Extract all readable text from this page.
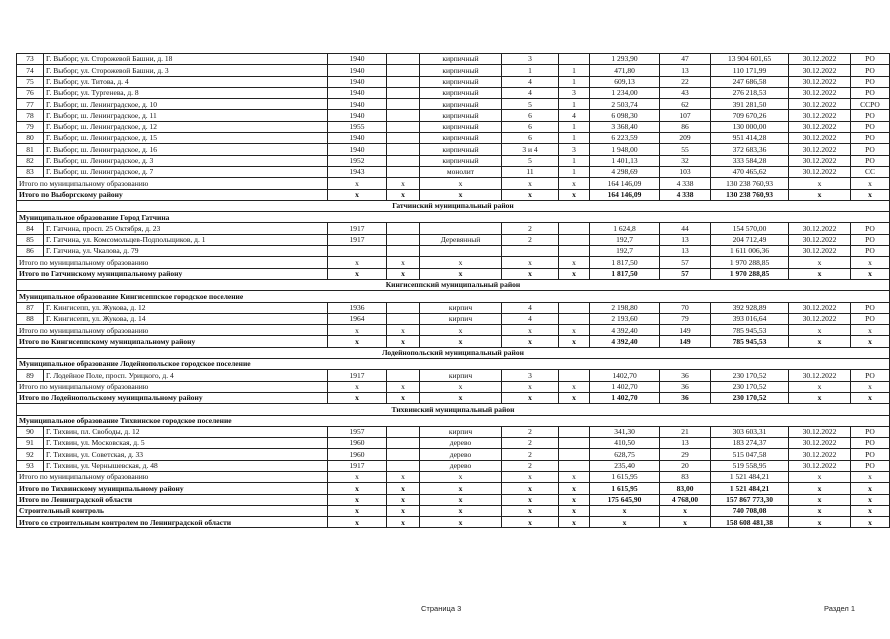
73	Г. Выборг, ул. Сторожевой Башни, д. 18	1940		кирпичный	3		1 293,90	47	13 904 601,65	30.12.2022	РО
74	Г. Выборг, ул. Сторожевой Башни, д. 3	1940		кирпичный	1	1	471,80	13	110 171,99	30.12.2022	РО
75	Г. Выборг, ул. Титова, д. 4	1940		кирпичный	4	1	609,13	22	247 686,58	30.12.2022	РО
76	Г. Выборг, ул. Тургенева, д. 8	1940		кирпичный	4	3	1 234,00	43	276 218,53	30.12.2022	РО
77	Г. Выборг, ш. Ленинградское, д. 10	1940		кирпичный	5	1	2 503,74	62	391 281,50	30.12.2022	ССРО
78	Г. Выборг, ш. Ленинградское, д. 11	1940		кирпичный	6	4	6 098,30	107	709 670,26	30.12.2022	РО
79	Г. Выборг, ш. Ленинградское, д. 12	1955		кирпичный	6	1	3 368,40	86	130 000,00	30.12.2022	РО
80	Г. Выборг, ш. Ленинградское, д. 15	1940		кирпичный	6	1	6 223,59	209	951 414,28	30.12.2022	РО
81	Г. Выборг, ш. Ленинградское, д. 16	1940		кирпичный	3 и 4	3	1 948,00	55	372 683,36	30.12.2022	РО
82	Г. Выборг, ш. Ленинградское, д. 3	1952		кирпичный	5	1	1 401,13	32	333 584,28	30.12.2022	РО
83	Г. Выборг, ш. Ленинградское, д. 7	1943		монолит	11	1	4 298,69	103	470 465,62	30.12.2022	СС
Итого по муниципальному образованию		x	x	x	x	x	164 146,09	4 338	130 238 760,93	x	x
Итого по Выборгскому району		x	x	x	x	x	164 146,09	4 338	130 238 760,93	x	x
Гатчинский муниципальный район											
Муниципальное образование Город Гатчина											
84	Г. Гатчина, просп. 25 Октября, д. 23	1917			2		1 624,8	44	154 570,00	30.12.2022	РО
85	Г. Гатчина, ул. Комсомольцев-Подпольщиков, д. 1	1917		Деревянный	2		192,7	13	204 712,49	30.12.2022	РО
86	Г. Гатчина, ул. Чкалова, д. 79						192,7	13	1 611 006,36	30.12.2022	РО
Итого по муниципальному образованию		x	x	x	x	x	1 817,50	57	1 970 288,85	x	x
Итого по Гатчинскому муниципальному району		x	x	x	x	x	1 817,50	57	1 970 288,85	x	x
Кингисеппский муниципальный район											
Муниципальное образование Кингисеппское городское поселение											
87	Г. Кингисепп, ул. Жукова, д. 12	1936		кирпич	4		2 198,80	70	392 928,89	30.12.2022	РО
88	Г. Кингисепп, ул. Жукова, д. 14	1964		кирпич	4		2 193,60	79	393 016,64	30.12.2022	РО
Итого по муниципальному образованию		x	x	x	x	x	4 392,40	149	785 945,53	x	x
Итого по Кингисеппскому муниципальному району		x	x	x	x	x	4 392,40	149	785 945,53	x	x
Лодейнопольский муниципальный район											
Муниципальное образование Лодейнопольское городское поселение											
89	Г. Лодейное Поле, просп. Урицкого, д. 4	1917		кирпич	3		1402,70	36	230 170,52	30.12.2022	РО
Итого по муниципальному образованию		x	x	x	x	x	1 402,70	36	230 170,52	x	x
Итого по Лодейнопольскому муниципальному району		x	x	x	x	x	1 402,70	36	230 170,52	x	x
Тихвинский муниципальный район											
Муниципальное образование Тихвинское городское поселение											
90	Г. Тихвин, пл. Свободы, д. 12	1957		кирпич	2		341,30	21	303 603,31	30.12.2022	РО
91	Г. Тихвин, ул. Московская, д. 5	1960		дерево	2		410,50	13	183 274,37	30.12.2022	РО
92	Г. Тихвин, ул. Советская, д. 33	1960		дерево	2		628,75	29	515 047,58	30.12.2022	РО
93	Г. Тихвин, ул. Чернышевская, д. 48	1917		дерево	2		235,40	20	519 558,95	30.12.2022	РО
Итого по муниципальному образованию		x	x	x	x	x	1 615,95	83	1 521 484,21	x	x
Итого по Тихвинскому муниципальному району		x	x	x	x	x	1 615,95	83,00	1 521 484,21	x	x
Итого по Ленинградской области		x	x	x	x	x	175 645,90	4 768,00	157 867 773,30	x	x
Строительный контроль		x	x	x	x	x	x	x	740 708,08	x	x
Итого со строительным контролем по Ленинградской области		x	x	x	x	x	x	x	158 608 481,38	x	x
Страница 3	Раздел 1
